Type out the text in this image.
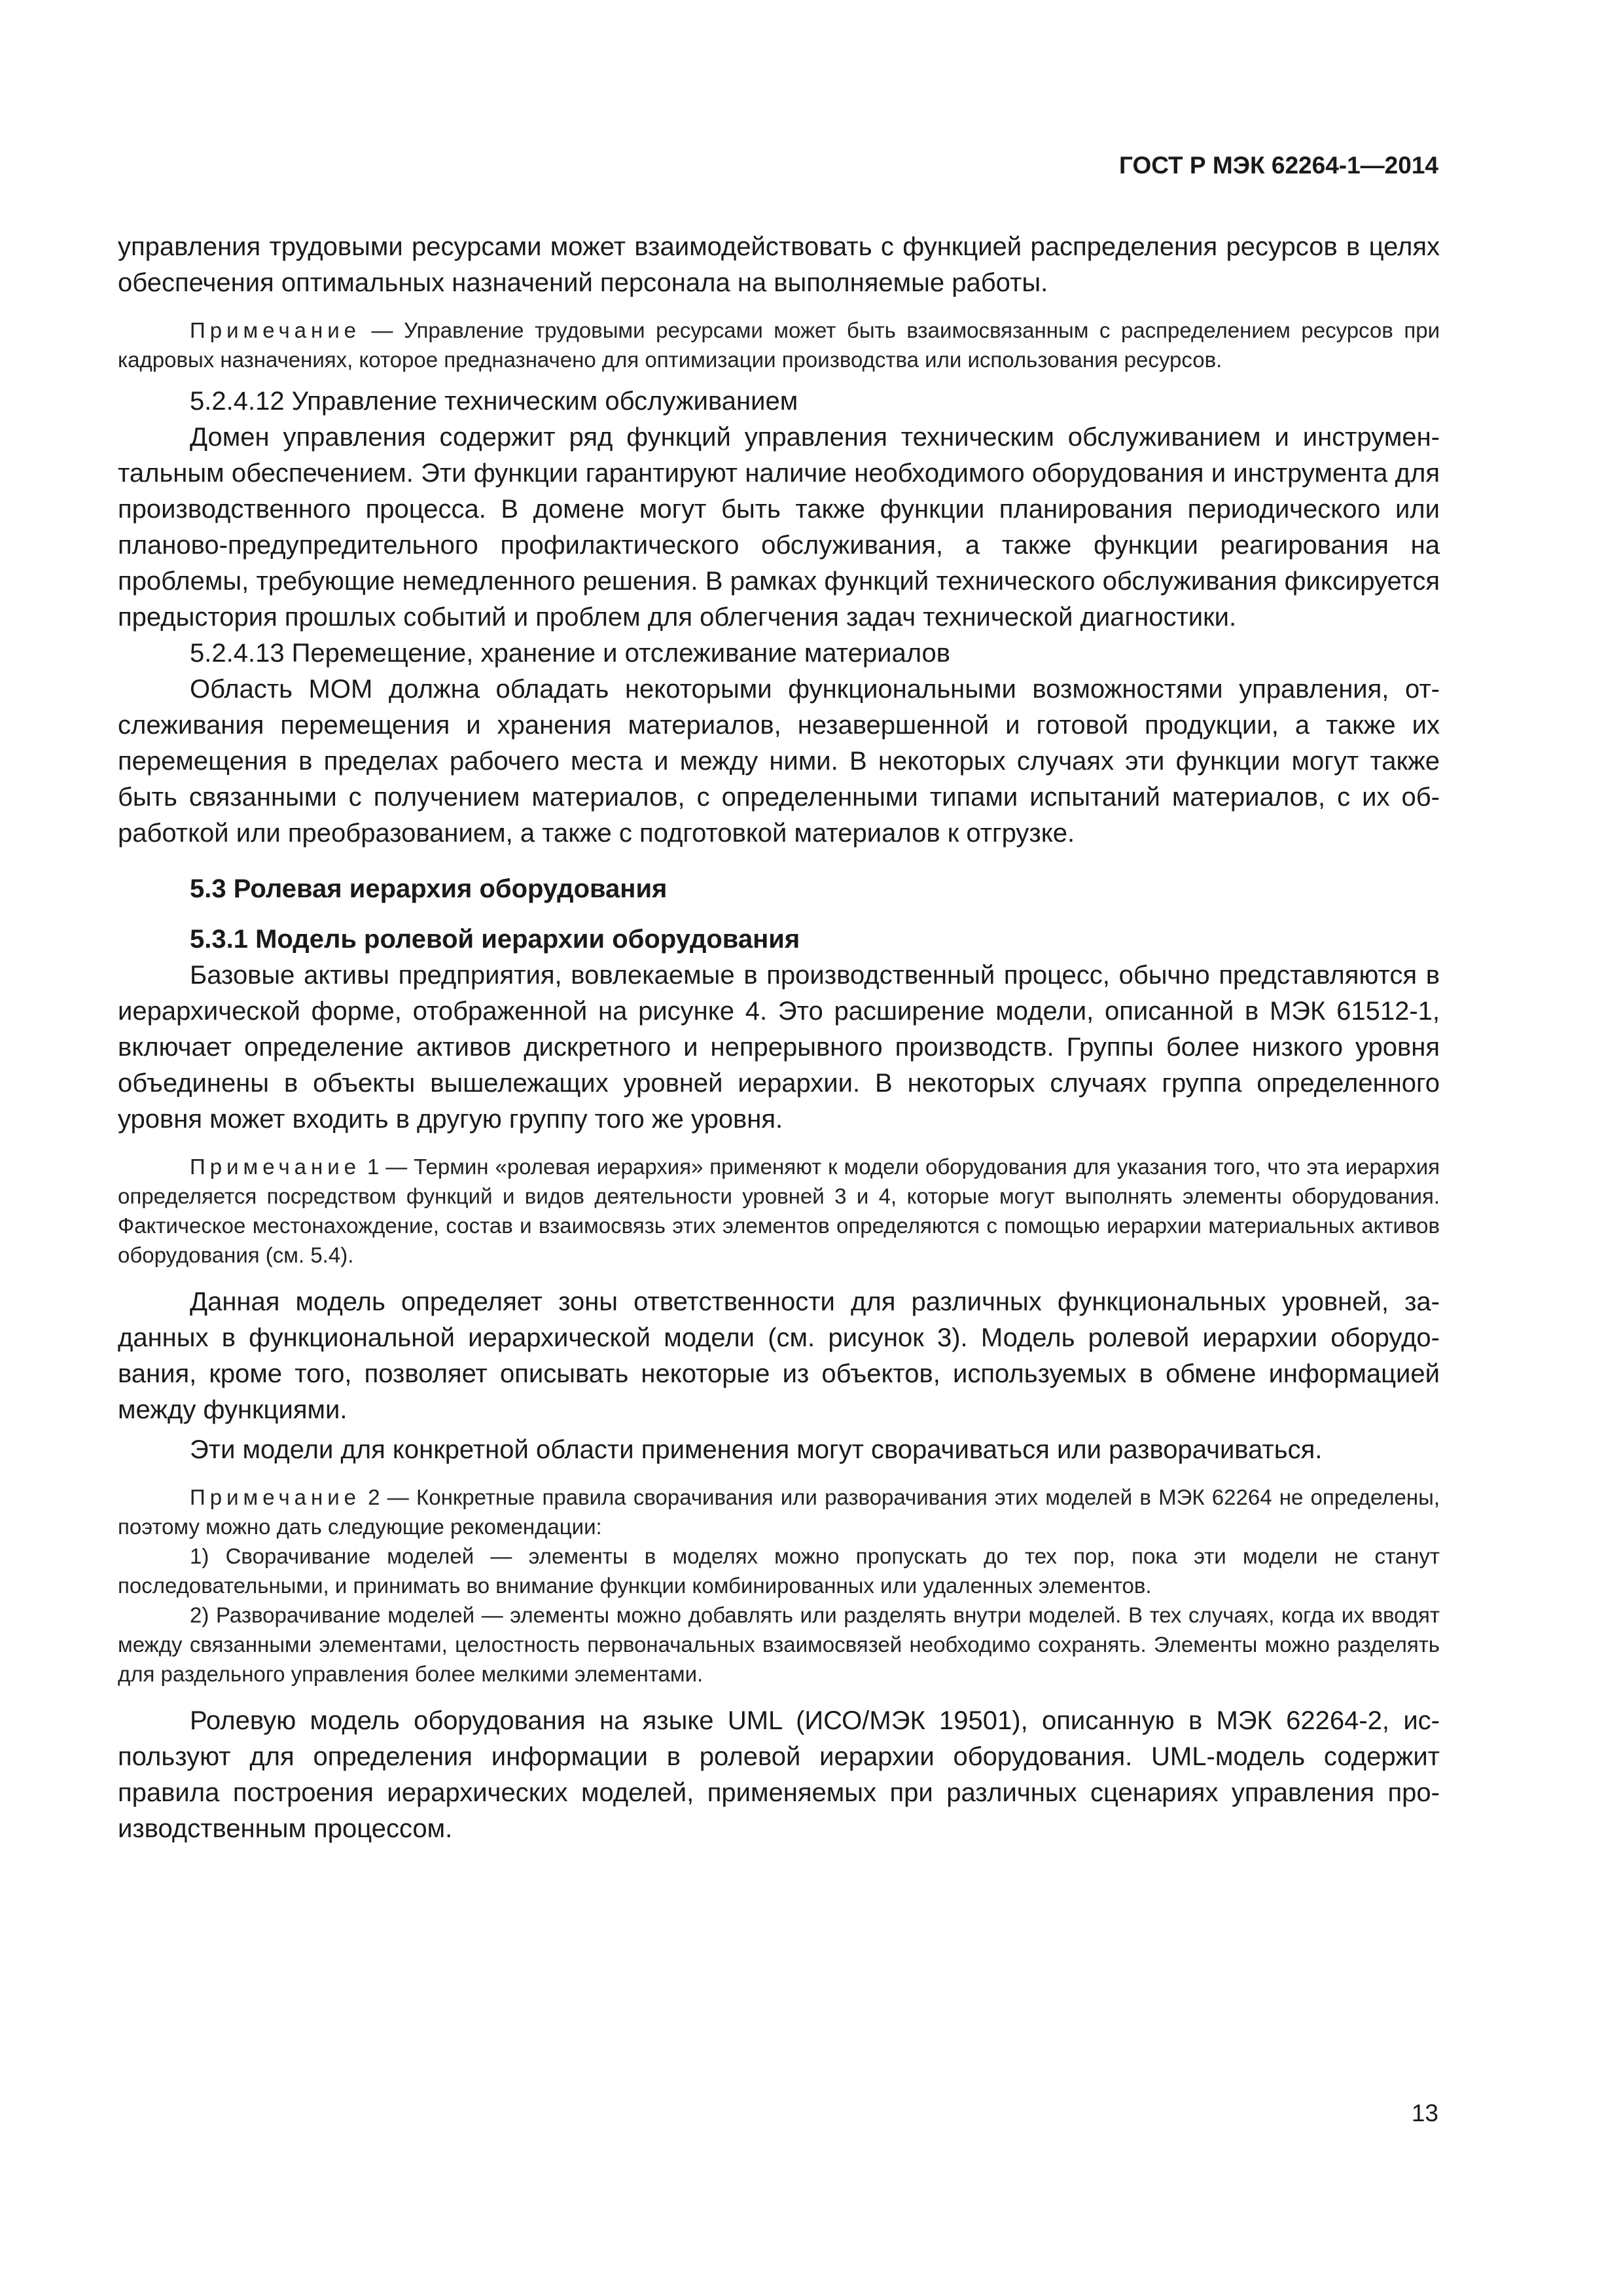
ГОСТ Р МЭК 62264-1—2014

управления трудовыми ресурсами может взаимодействовать с функцией распределения ресурсов в целях обеспечения оптимальных назначений персонала на выполняемые работы.

Примечание — Управление трудовыми ресурсами может быть взаимосвязанным с распределением ресурсов при кадровых назначениях, которое предназначено для оптимизации производства или использования ресурсов.

5.2.4.12 Управление техническим обслуживанием

Домен управления содержит ряд функций управления техническим обслуживанием и инструментальным обеспечением. Эти функции гарантируют наличие необходимого оборудования и инструмента для производственного процесса. В домене могут быть также функции планирования периодического или планово-предупредительного профилактического обслуживания, а также функции реагирования на проблемы, требующие немедленного решения. В рамках функций технического обслуживания фиксируется предыстория прошлых событий и проблем для облегчения задач технической диагностики.

5.2.4.13 Перемещение, хранение и отслеживание материалов

Область MOM должна обладать некоторыми функциональными возможностями управления, отслеживания перемещения и хранения материалов, незавершенной и готовой продукции, а также их перемещения в пределах рабочего места и между ними. В некоторых случаях эти функции могут также быть связанными с получением материалов, с определенными типами испытаний материалов, с их обработкой или преобразованием, а также с подготовкой материалов к отгрузке.

5.3 Ролевая иерархия оборудования

5.3.1 Модель ролевой иерархии оборудования

Базовые активы предприятия, вовлекаемые в производственный процесс, обычно представляются в иерархической форме, отображенной на рисунке 4. Это расширение модели, описанной в МЭК 61512-1, включает определение активов дискретного и непрерывного производств. Группы более низкого уровня объединены в объекты вышележащих уровней иерархии. В некоторых случаях группа определенного уровня может входить в другую группу того же уровня.

Примечание 1 — Термин «ролевая иерархия» применяют к модели оборудования для указания того, что эта иерархия определяется посредством функций и видов деятельности уровней 3 и 4, которые могут выполнять элементы оборудования. Фактическое местонахождение, состав и взаимосвязь этих элементов определяются с помощью иерархии материальных активов оборудования (см. 5.4).

Данная модель определяет зоны ответственности для различных функциональных уровней, заданных в функциональной иерархической модели (см. рисунок 3). Модель ролевой иерархии оборудования, кроме того, позволяет описывать некоторые из объектов, используемых в обмене информацией между функциями.

Эти модели для конкретной области применения могут сворачиваться или разворачиваться.

Примечание 2 — Конкретные правила сворачивания или разворачивания этих моделей в МЭК 62264 не определены, поэтому можно дать следующие рекомендации:

1) Сворачивание моделей — элементы в моделях можно пропускать до тех пор, пока эти модели не станут последовательными, и принимать во внимание функции комбинированных или удаленных элементов.

2) Разворачивание моделей — элементы можно добавлять или разделять внутри моделей. В тех случаях, когда их вводят между связанными элементами, целостность первоначальных взаимосвязей необходимо сохранять. Элементы можно разделять для раздельного управления более мелкими элементами.

Ролевую модель оборудования на языке UML (ИСО/МЭК 19501), описанную в МЭК 62264-2, используют для определения информации в ролевой иерархии оборудования. UML-модель содержит правила построения иерархических моделей, применяемых при различных сценариях управления производственным процессом.

13
